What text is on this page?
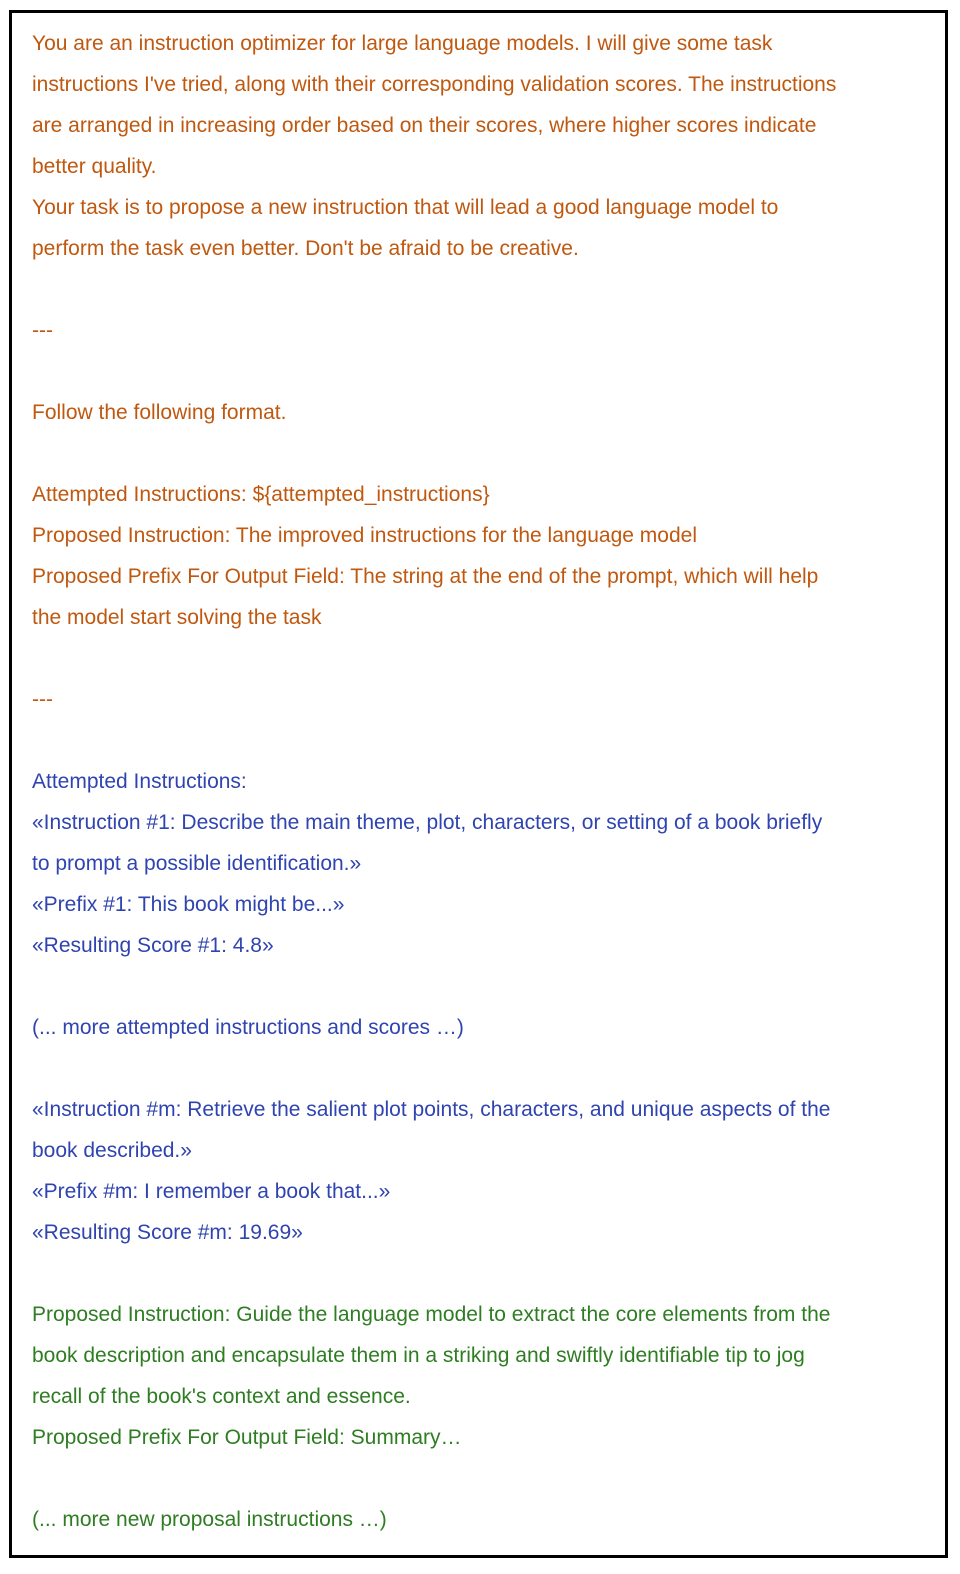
You are an instruction optimizer for large language models. I will give some task

instructions I've tried, along with their corresponding validation scores. The instructions

are arranged in increasing order based on their scores, where higher scores indicate

better quality.

Your task is to propose a new instruction that will lead a good language model to

perform the task even better. Don't be afraid to be creative.

---

Follow the following format.

Attempted Instructions: ${attempted_instructions}

Proposed Instruction: The improved instructions for the language model

Proposed Prefix For Output Field: The string at the end of the prompt, which will help

the model start solving the task

---

Attempted Instructions:

«Instruction #1: Describe the main theme, plot, characters, or setting of a book briefly

to prompt a possible identification.»

«Prefix #1: This book might be...»

«Resulting Score #1: 4.8»

(... more attempted instructions and scores …)

«Instruction #m: Retrieve the salient plot points, characters, and unique aspects of the

book described.»

«Prefix #m: I remember a book that...»

«Resulting Score #m: 19.69»

Proposed Instruction: Guide the language model to extract the core elements from the

book description and encapsulate them in a striking and swiftly identifiable tip to jog

recall of the book's context and essence.

Proposed Prefix For Output Field: Summary…

(... more new proposal instructions …)
